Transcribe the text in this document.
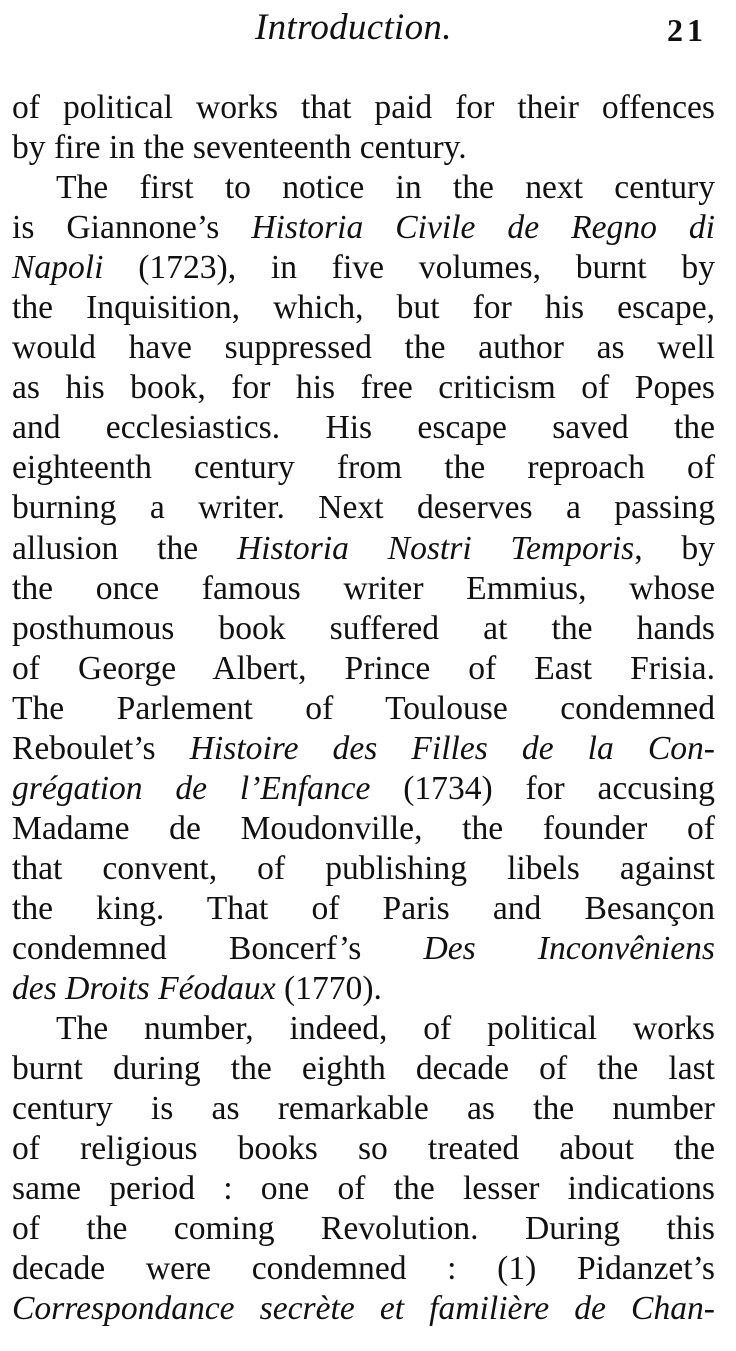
Introduction.	21

of political works that paid for their offences
by fire in the seventeenth century.

The first to notice in the next century
is Giannone’s Historia Civile de Regno di
Napoli (1723), in five volumes, burnt by
the Inquisition, which, but for his escape,
would have suppressed the author as well
as his book, for his free criticism of Popes
and ecclesiastics. His escape saved the
eighteenth century from the reproach of
burning a writer. Next deserves a passing
allusion the Historia Nostri Temporis, by
the once famous writer Emmius, whose
posthumous book suffered at the hands
of George Albert, Prince of East Frisia.
The Parlement of Toulouse condemned
Reboulet’s Histoire des Filles de la Con-
grégation de l’Enfance (1734) for accusing
Madame de Moudonville, the founder of
that convent, of publishing libels against
the king. That of Paris and Besançon
condemned Boncerf’s Des Inconvêniens
des Droits Féodaux (1770).

The number, indeed, of political works
burnt during the eighth decade of the last
century is as remarkable as the number
of religious books so treated about the
same period : one of the lesser indications
of the coming Revolution. During this
decade were condemned : (1) Pidanzet’s
Correspondance secrète et familière de Chan-
